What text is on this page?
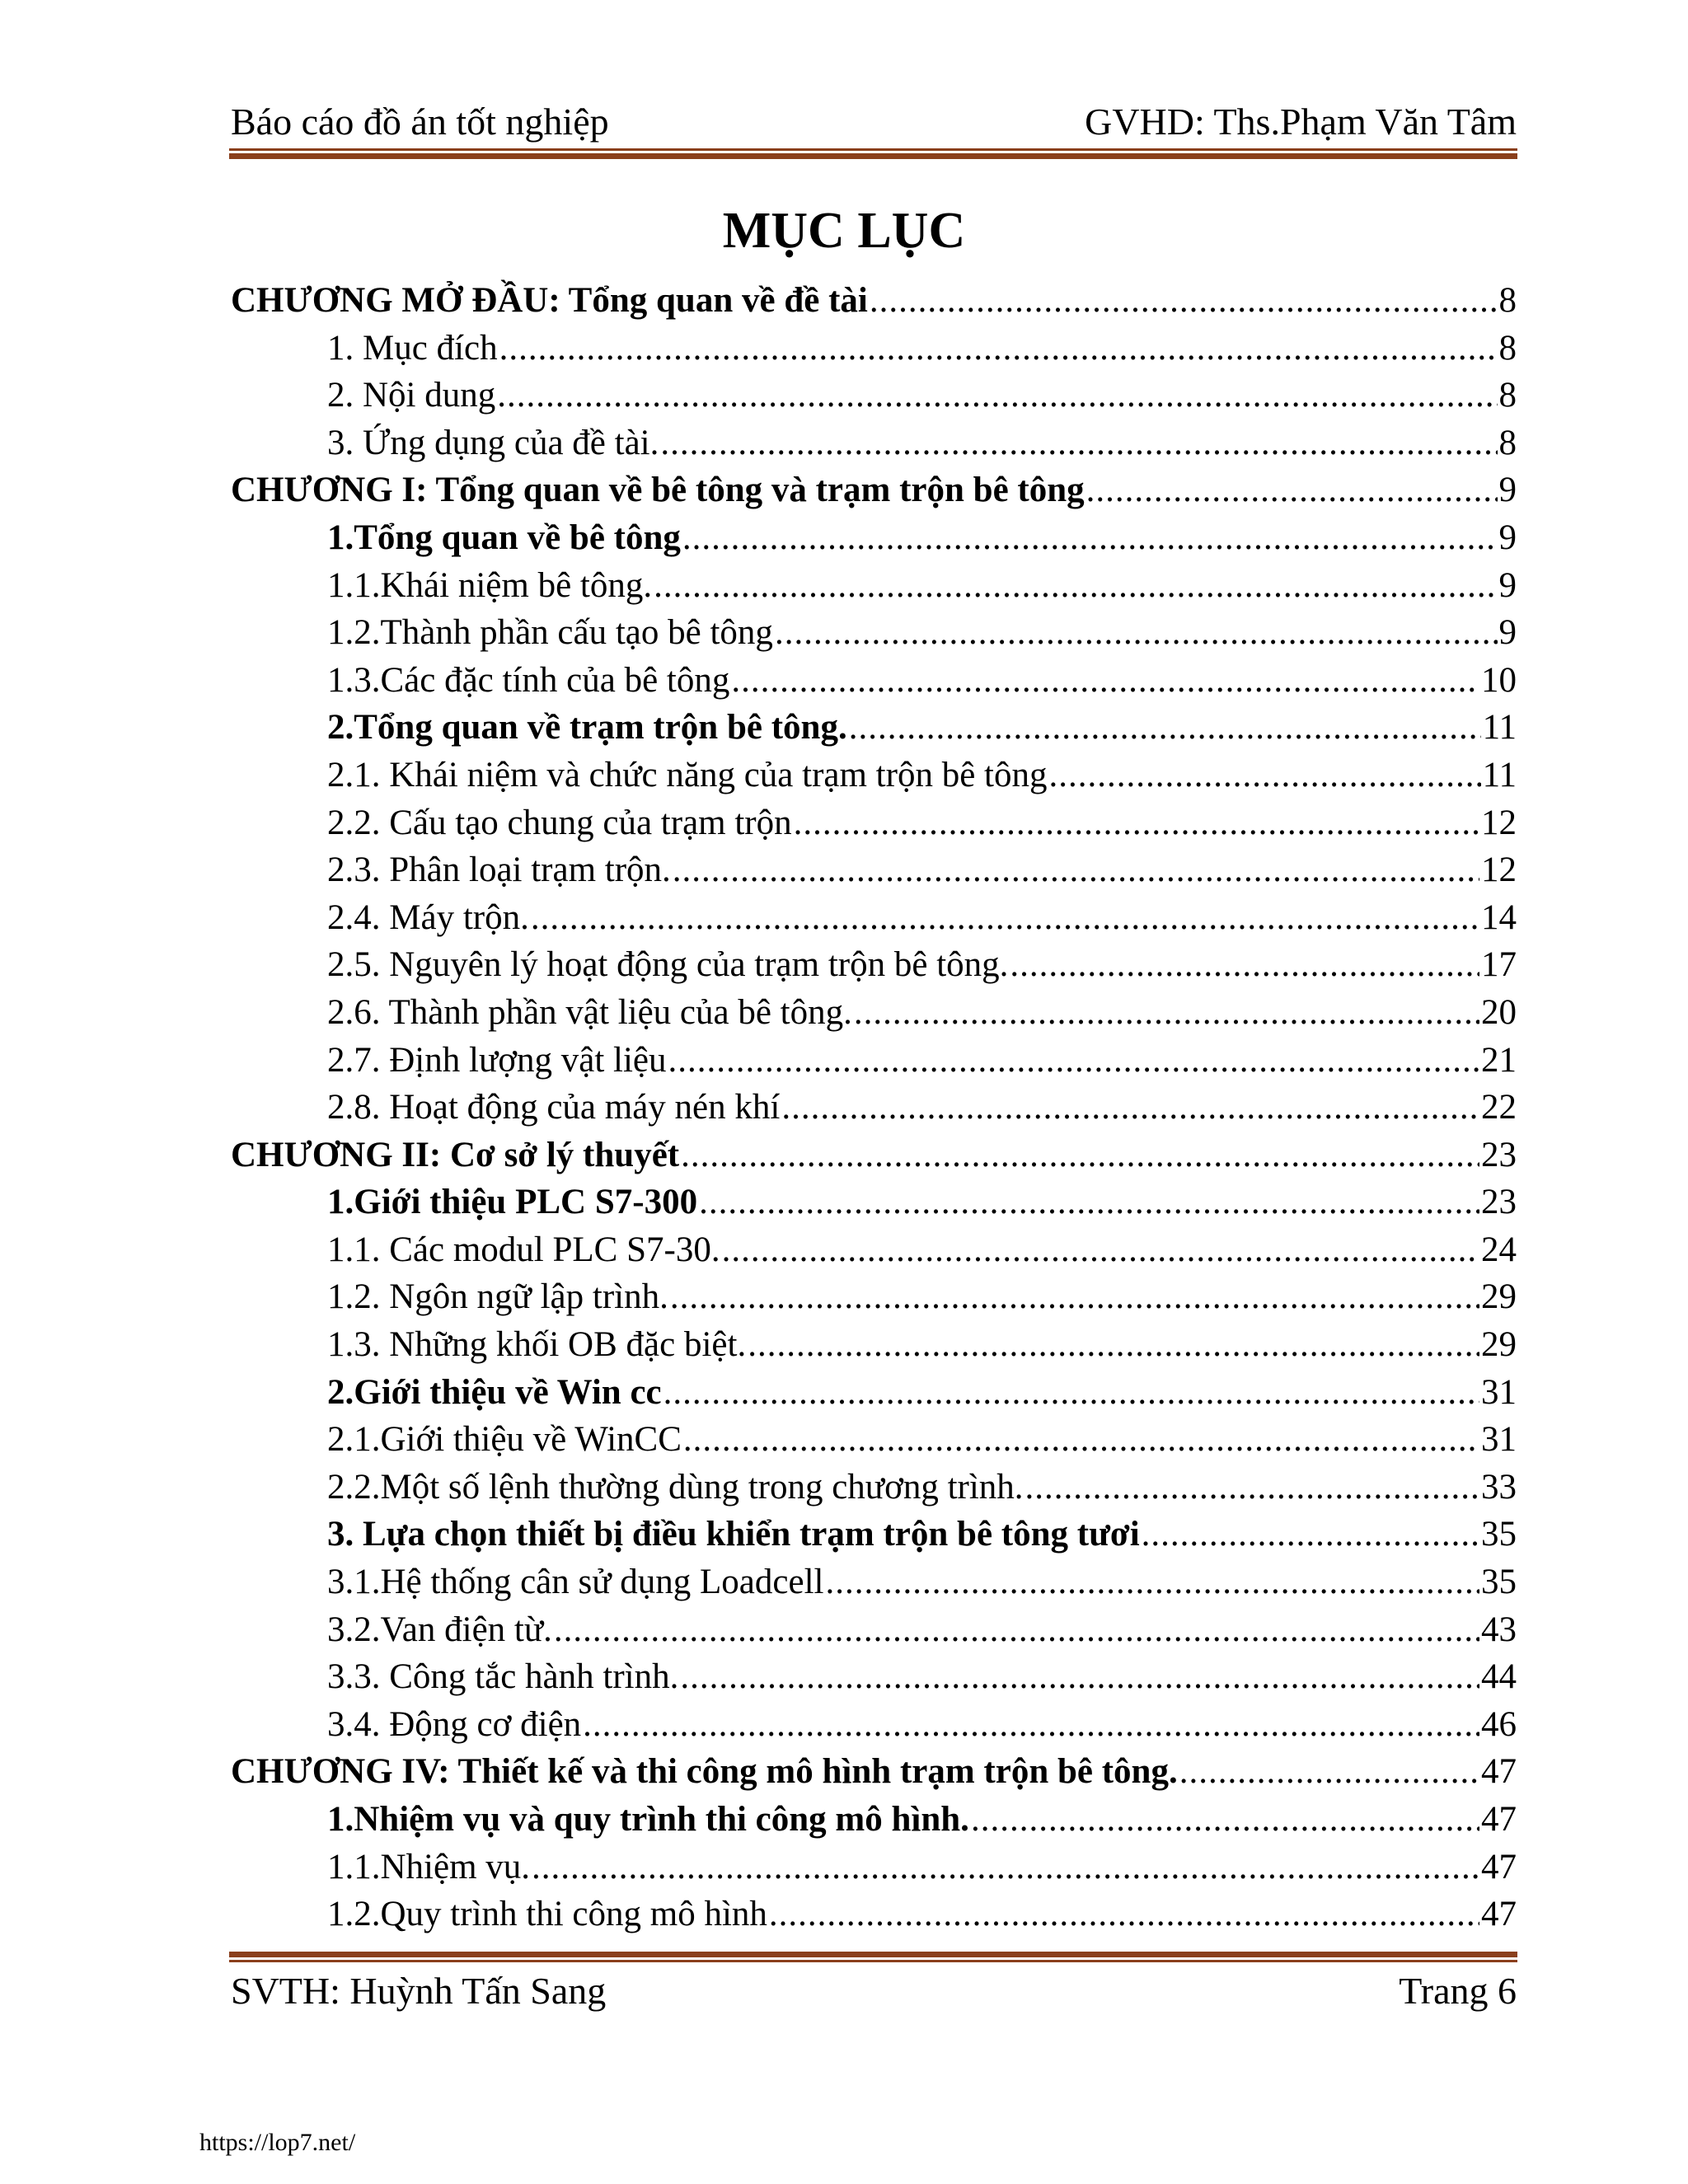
Báo cáo đồ án tốt nghiệp	GVHD: Ths.Phạm Văn Tâm
MỤC LỤC
CHƯƠNG MỞ ĐẦU: Tổng quan về đề tài .....	8
1. Mục đích .....	8
2. Nội dung .....	8
3. Ứng dụng của đề tài. .....	8
CHƯƠNG I: Tổng quan về bê tông và trạm trộn bê tông .....	9
1.Tổng quan về bê tông .....	9
1.1.Khái niệm bê tông. .....	9
1.2.Thành phần cấu tạo bê tông .....	9
1.3.Các đặc tính của bê tông .....	10
2.Tổng quan về trạm trộn bê tông. .....	11
2.1. Khái niệm và chức năng của trạm trộn bê tông .....	11
2.2. Cấu tạo chung của trạm trộn .....	12
2.3. Phân loại trạm trộn. .....	12
2.4. Máy trộn. .....	14
2.5. Nguyên lý hoạt động của trạm trộn bê tông. .....	17
2.6. Thành phần vật liệu của bê tông. .....	20
2.7. Định lượng vật liệu .....	21
2.8. Hoạt động của máy nén khí .....	22
CHƯƠNG II: Cơ sở lý thuyết .....	23
1.Giới thiệu PLC S7-300 .....	23
1.1. Các modul PLC S7-30. .....	24
1.2. Ngôn ngữ lập trình. .....	29
1.3. Những khối OB đặc biệt. .....	29
2.Giới thiệu về Win cc .....	31
2.1.Giới thiệu về WinCC .....	31
2.2.Một số lệnh thường dùng trong chương trình. .....	33
3. Lựa chọn thiết bị điều khiển trạm trộn bê tông tươi .....	35
3.1.Hệ thống cân sử dụng Loadcell .....	35
3.2.Van điện từ. .....	43
3.3. Công tắc hành trình. .....	44
3.4. Động cơ điện .....	46
CHƯƠNG IV: Thiết kế và thi công mô hình trạm trộn bê tông. .....	47
1.Nhiệm vụ và quy trình thi công mô hình. .....	47
1.1.Nhiệm vụ. .....	47
1.2.Quy trình thi công mô hình .....	47
SVTH: Huỳnh Tấn Sang	Trang 6
https://lop7.net/
